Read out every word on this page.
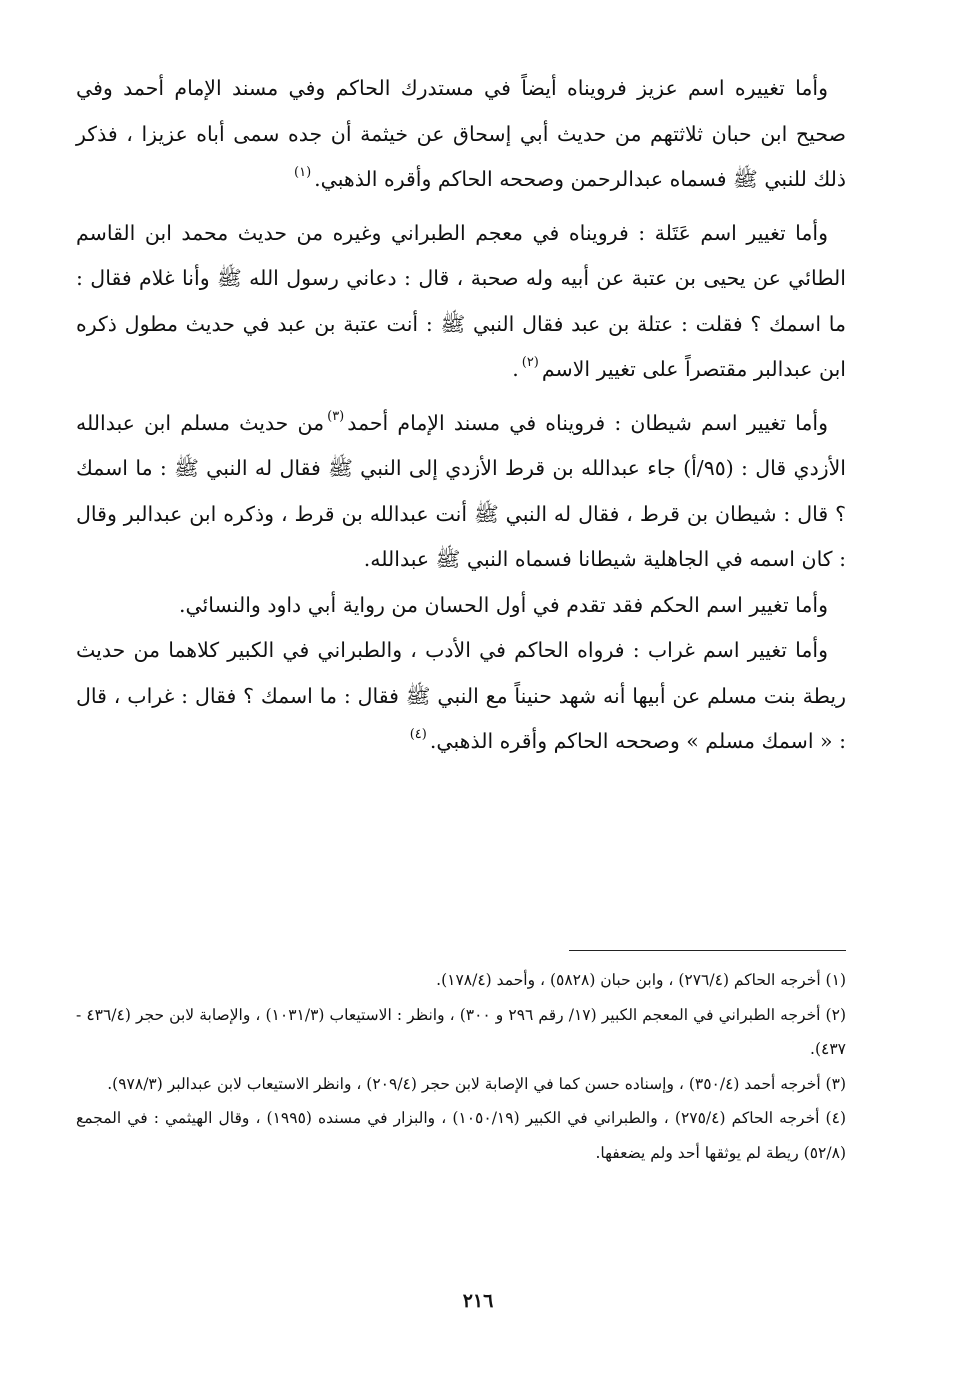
وأما تغييره اسم عزيز فرويناه أيضاً في مستدرك الحاكم وفي مسند الإمام أحمد وفي صحيح ابن حبان ثلاثتهم من حديث أبي إسحاق عن خيثمة أن جده سمى أباه عزيزا ، فذكر ذلك للنبي ﷺ فسماه عبدالرحمن وصححه الحاكم وأقره الذهبي.$^{(١)}$

وأما تغيير اسم عَتَلة : فرويناه في معجم الطبراني وغيره من حديث محمد ابن القاسم الطائي عن يحيى بن عتبة عن أبيه وله صحبة ، قال : دعاني رسول الله ﷺ وأنا غلام فقال : ما اسمك ؟ فقلت : عتلة بن عبد فقال النبي ﷺ : أنت عتبة بن عبد في حديث مطول ذكره ابن عبدالبر مقتصراً على تغيير الاسم$^{(٢)}$.

وأما تغيير اسم شيطان : فرويناه في مسند الإمام أحمد$^{(٣)}$من حديث مسلم ابن عبدالله الأزدي قال : (٩٥/أ) جاء عبدالله بن قرط الأزدي إلى النبي ﷺ فقال له النبي ﷺ : ما اسمك ؟ قال : شيطان بن قرط ، فقال له النبي ﷺ أنت عبدالله بن قرط ، وذكره ابن عبدالبر وقال : كان اسمه في الجاهلية شيطانا فسماه النبي ﷺ عبدالله.

وأما تغيير اسم الحكم فقد تقدم في أول الحسان من رواية أبي داود والنسائي.

وأما تغيير اسم غراب : فرواه الحاكم في الأدب ، والطبراني في الكبير كلاهما من حديث ريطة بنت مسلم عن أبيها أنه شهد حنيناً مع النبي ﷺ فقال : ما اسمك ؟ فقال : غراب ، قال : « اسمك مسلم » وصححه الحاكم وأقره الذهبي.$^{(٤)}$

(١) أخرجه الحاكم (٢٧٦/٤) ، وابن حبان (٥٨٢٨) ، وأحمد (١٧٨/٤).

(٢) أخرجه الطبراني في المعجم الكبير (١٧/ رقم ٢٩٦ و ٣٠٠) ، وانظر : الاستيعاب (١٠٣١/٣) ، والإصابة لابن حجر (٤٣٦/٤ - ٤٣٧).

(٣) أخرجه أحمد (٣٥٠/٤) ، وإسناده حسن كما في الإصابة لابن حجر (٢٠٩/٤) ، وانظر الاستيعاب لابن عبدالبر (٩٧٨/٣).

(٤) أخرجه الحاكم (٢٧٥/٤) ، والطبراني في الكبير (١٠٥٠/١٩) ، والبزار في مسنده (١٩٩٥) ، وقال الهيثمي : في المجمع (٥٢/٨) ريطة لم يوثقها أحد ولم يضعفها.

٢١٦
